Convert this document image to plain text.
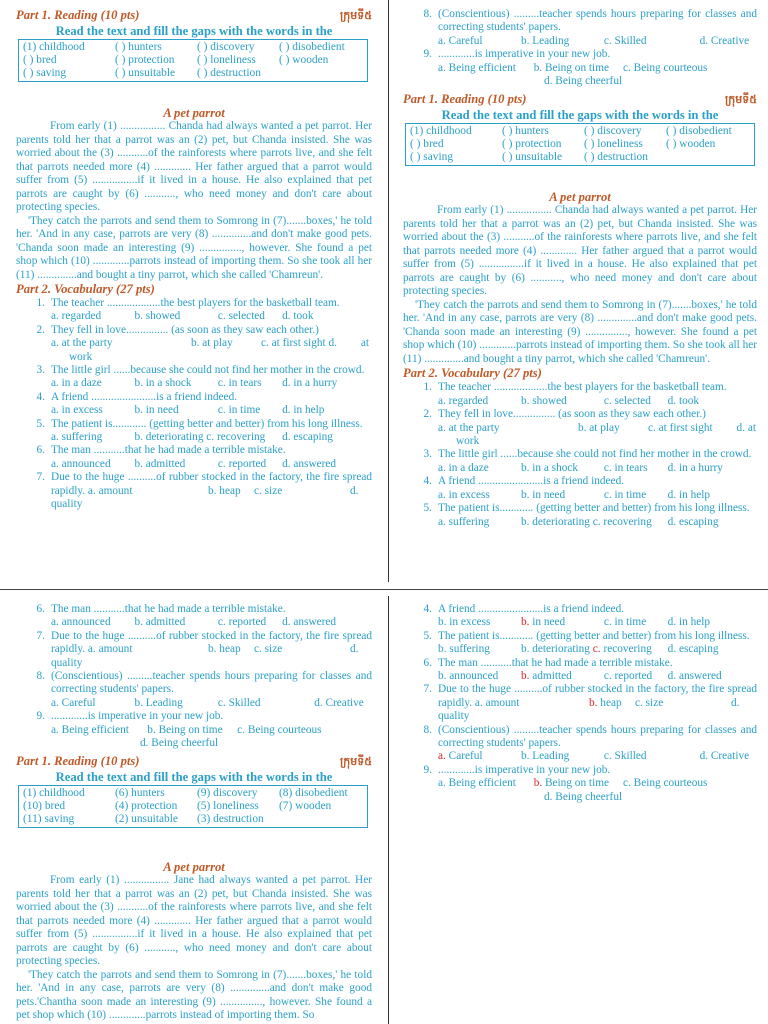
Part 1. Reading (10 pts)	ក្រុមទី៥
Read the text and fill the gaps with the words in the
(1) childhood	( ) hunters	( ) discovery	( ) disobedient
( ) bred	( ) protection	( ) loneliness	( ) wooden
( ) saving	( ) unsuitable	( ) destruction
A pet parrot

From early (1) ................ Chanda had always wanted a pet parrot. Her parents told her that a parrot was an (2) pet, but Chanda insisted. She was worried about the (3) ...........of the rainforests where parrots live, and she felt that parrots needed more (4) ............. Her father argued that a parrot would suffer from (5) ................if it lived in a house. He also explained that pet parrots are caught by (6) ..........., who need money and don't care about protecting species.

'They catch the parrots and send them to Somrong in (7).......boxes,' he told her. 'And in any case, parrots are very (8) ..............and don't make good pets. 'Chanda soon made an interesting (9) ..............., however. She found a pet shop which (10) .............parrots instead of importing them. So she took all her (11) ..............and bought a tiny parrot, which she called 'Chamreun'.

Part 2. Vocabulary (27 pts)
1. The teacher ...................the best players for the basketball team.
a. regarded	b. showed	c. selected	d. took
2. They fell in love............... (as soon as they saw each other.)
a. at the party	b. at play	c. at first sight d.	at
work
3. The little girl ......because she could not find her mother in the crowd.
a. in a daze	b. in a shock	c. in tears	d. in a hurry
4. A friend .......................is a friend indeed.
a. in excess	b. in need	c. in time	d. in help
5. The patient is............ (getting better and better) from his long illness.
a. suffering	b. deteriorating c. recovering	d. escaping
6. The man ...........that he had made a terrible mistake.
a. announced	b. admitted	c. reported	d. answered
7. Due to the huge ..........of rubber stocked in the factory, the fire spread rapidly. a. amount	b. heap	c. size	d.
quality
8. (Conscientious) .........teacher spends hours preparing for classes and correcting students' papers.
a. Careful	b. Leading	c. Skilled	d. Creative
9. .............is imperative in your new job.
a. Being efficient	b. Being on time	c. Being courteous
d. Being cheerful
Part 1. Reading (10 pts)	ក្រុមទី៥
Read the text and fill the gaps with the words in the
(1) childhood	( ) hunters	( ) discovery	( ) disobedient
( ) bred	( ) protection	( ) loneliness	( ) wooden
( ) saving	( ) unsuitable	( ) destruction
A pet parrot

From early (1) ................ Chanda had always wanted a pet parrot. Her parents told her that a parrot was an (2) pet, but Chanda insisted. She was worried about the (3) ...........of the rainforests where parrots live, and she felt that parrots needed more (4) ............. Her father argued that a parrot would suffer from (5) ................if it lived in a house. He also explained that pet parrots are caught by (6) ..........., who need money and don't care about protecting species.

'They catch the parrots and send them to Somrong in (7).......boxes,' he told her. 'And in any case, parrots are very (8) ..............and don't make good pets. 'Chanda soon made an interesting (9) ..............., however. She found a pet shop which (10) .............parrots instead of importing them. So she took all her (11) ..............and bought a tiny parrot, which she called 'Chamreun'.

Part 2. Vocabulary (27 pts)
1. The teacher ...................the best players for the basketball team.
a. regarded	b. showed	c. selected	d. took
2. They fell in love............... (as soon as they saw each other.)
a. at the party	b. at play	c. at first sight	d. at
work
3. The little girl ......because she could not find her mother in the crowd.
a. in a daze	b. in a shock	c. in tears	d. in a hurry
4. A friend .......................is a friend indeed.
a. in excess	b. in need	c. in time	d. in help
5. The patient is............ (getting better and better) from his long illness.
a. suffering	b. deteriorating c. recovering	d. escaping
6. The man ...........that he had made a terrible mistake.
a. announced	b. admitted	c. reported	d. answered
7. Due to the huge ..........of rubber stocked in the factory, the fire spread rapidly. a. amount	b. heap	c. size	d.
quality
8. (Conscientious) .........teacher spends hours preparing for classes and correcting students' papers.
a. Careful	b. Leading	c. Skilled	d. Creative
9. .............is imperative in your new job.
a. Being efficient	b. Being on time	c. Being courteous
d. Being cheerful
Part 1. Reading (10 pts)	ក្រុមទី៥
Read the text and fill the gaps with the words in the
(1) childhood	(6) hunters	(9) discovery	(8) disobedient
(10) bred	(4) protection	(5) loneliness	(7) wooden
(11) saving	(2) unsuitable	(3) destruction
A pet parrot

From early (1) ................ Jane had always wanted a pet parrot. Her parents told her that a parrot was an (2) pet, but Chanda insisted. She was worried about the (3) ...........of the rainforests where parrots live, and she felt that parrots needed more (4) ............. Her father argued that a parrot would suffer from (5) ................if it lived in a house. He also explained that pet parrots are caught by (6) ..........., who need money and don't care about protecting species.

'They catch the parrots and send them to Somrong in (7).......boxes,' he told her. 'And in any case, parrots are very (8) ..............and don't make good pets.'Chantha soon made an interesting (9) ..............., however. She found a pet shop which (10) .............parrots instead of importing them. So

4. A friend .......................is a friend indeed.
b. in excess	b. in need	c. in time	d. in help
5. The patient is............ (getting better and better) from his long illness.
b. suffering	b. deteriorating c. recovering	d. escaping
6. The man ...........that he had made a terrible mistake.
b. announced	b. admitted	c. reported	d. answered
7. Due to the huge ..........of rubber stocked in the factory, the fire spread rapidly. a. amount	b. heap	c. size	d.
quality
8. (Conscientious) .........teacher spends hours preparing for classes and correcting students' papers.
a. Careful	b. Leading	c. Skilled	d. Creative
9. .............is imperative in your new job.
a. Being efficient	b. Being on time	c. Being courteous
d. Being cheerful
